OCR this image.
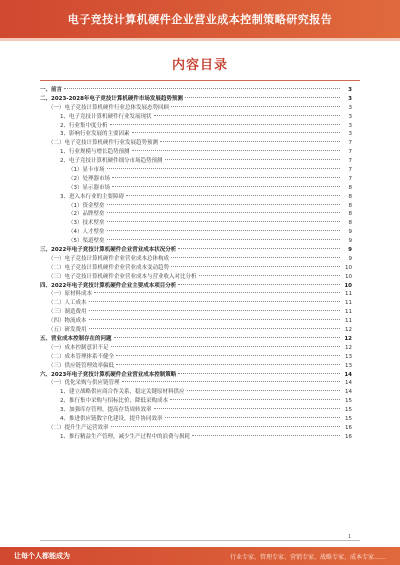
电子竞技计算机硬件企业营业成本控制策略研究报告
内容目录
一、前言	3
二、2023-2028年电子竞技计算机硬件市场发展趋势预测	3
（一）电子竞技计算机硬件行业总体发展态势回顾	3
1、电子竞技计算机硬件行业发展现状	3
2、行业集中度分析	3
3、影响行业发展的主要因素	3
（二）电子竞技计算机硬件行业发展趋势预测	7
1、行业规模与增长趋势预测	7
2、电子竞技计算机硬件细分市场趋势预测	7
（1）显卡市场	7
（2）处理器市场	7
（3）显示器市场	8
3、进入本行业的主要障碍	8
（1）资金壁垒	8
（2）品牌壁垒	8
（3）技术壁垒	8
（4）人才壁垒	9
（5）渠道壁垒	9
三、2022年电子竞技计算机硬件企业营业成本状况分析	9
（一）电子竞技计算机硬件企业营业成本总体构成	9
（二）电子竞技计算机硬件企业营业成本变动趋势	10
（三）电子竞技计算机硬件企业营业成本与营业收入对比分析	10
四、2022年电子竞技计算机硬件企业主要成本项目分析	10
（一）原材料成本	11
（二）人工成本	11
（三）制造费用	11
（四）物流成本	11
（五）研发费用	12
五、营业成本控制存在的问题	12
（一）成本控制意识不足	12
（二）成本管理体系不健全	13
（三）供应链管理效率偏低	13
六、2023年电子竞技计算机硬件企业营业成本控制策略	14
（一）优化采购与供应链管理	14
1、建立战略供应商合作关系，稳定关键原材料供应	14
2、推行集中采购与招标比价，降低采购成本	15
3、加强库存管理，提高存货周转效率	15
4、推进供应链数字化建设，提升协同效率	15
（二）提升生产运营效率	16
1、推行精益生产管理，减少生产过程中的浪费与损耗	16
1
让每个人都能成为	行业专家、管理专家、营销专家、战略专家、成本专家……
